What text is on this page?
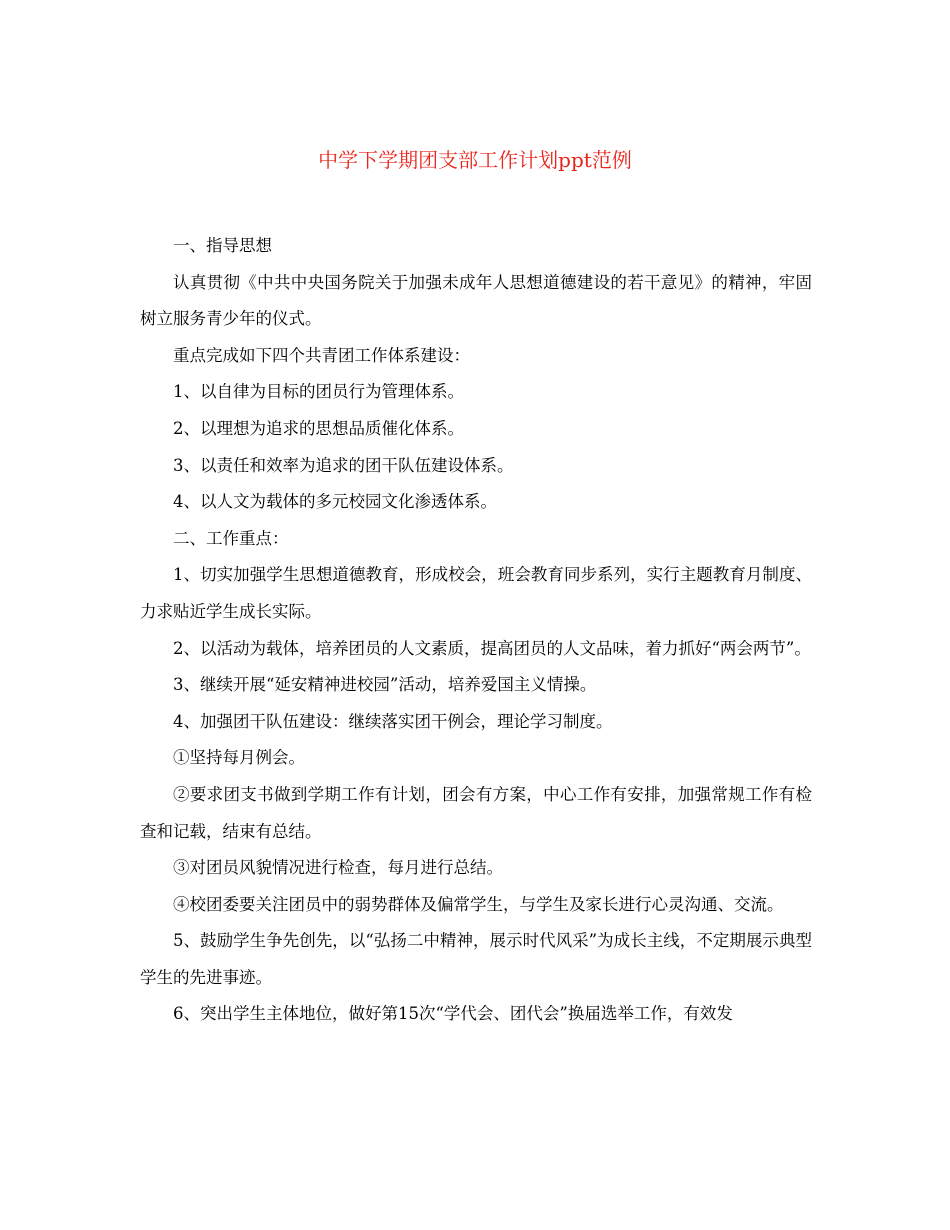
中学下学期团支部工作计划ppt范例

一、指导思想

认真贯彻《中共中央国务院关于加强未成年人思想道德建设的若干意见》的精神，牢固树立服务青少年的仪式。

重点完成如下四个共青团工作体系建设：

1、以自律为目标的团员行为管理体系。

2、以理想为追求的思想品质催化体系。

3、以责任和效率为追求的团干队伍建设体系。

4、以人文为载体的多元校园文化渗透体系。

二、工作重点：

1、切实加强学生思想道德教育，形成校会，班会教育同步系列，实行主题教育月制度、力求贴近学生成长实际。

2、以活动为载体，培养团员的人文素质，提高团员的人文品味，着力抓好“两会两节”。

3、继续开展“延安精神进校园”活动，培养爱国主义情操。

4、加强团干队伍建设：继续落实团干例会，理论学习制度。

①坚持每月例会。

②要求团支书做到学期工作有计划，团会有方案，中心工作有安排，加强常规工作有检查和记载，结束有总结。

③对团员风貌情况进行检查，每月进行总结。

④校团委要关注团员中的弱势群体及偏常学生，与学生及家长进行心灵沟通、交流。

5、鼓励学生争先创先，以“弘扬二中精神，展示时代风采”为成长主线，不定期展示典型学生的先进事迹。

6、突出学生主体地位，做好第15次“学代会、团代会”换届选举工作，有效发
